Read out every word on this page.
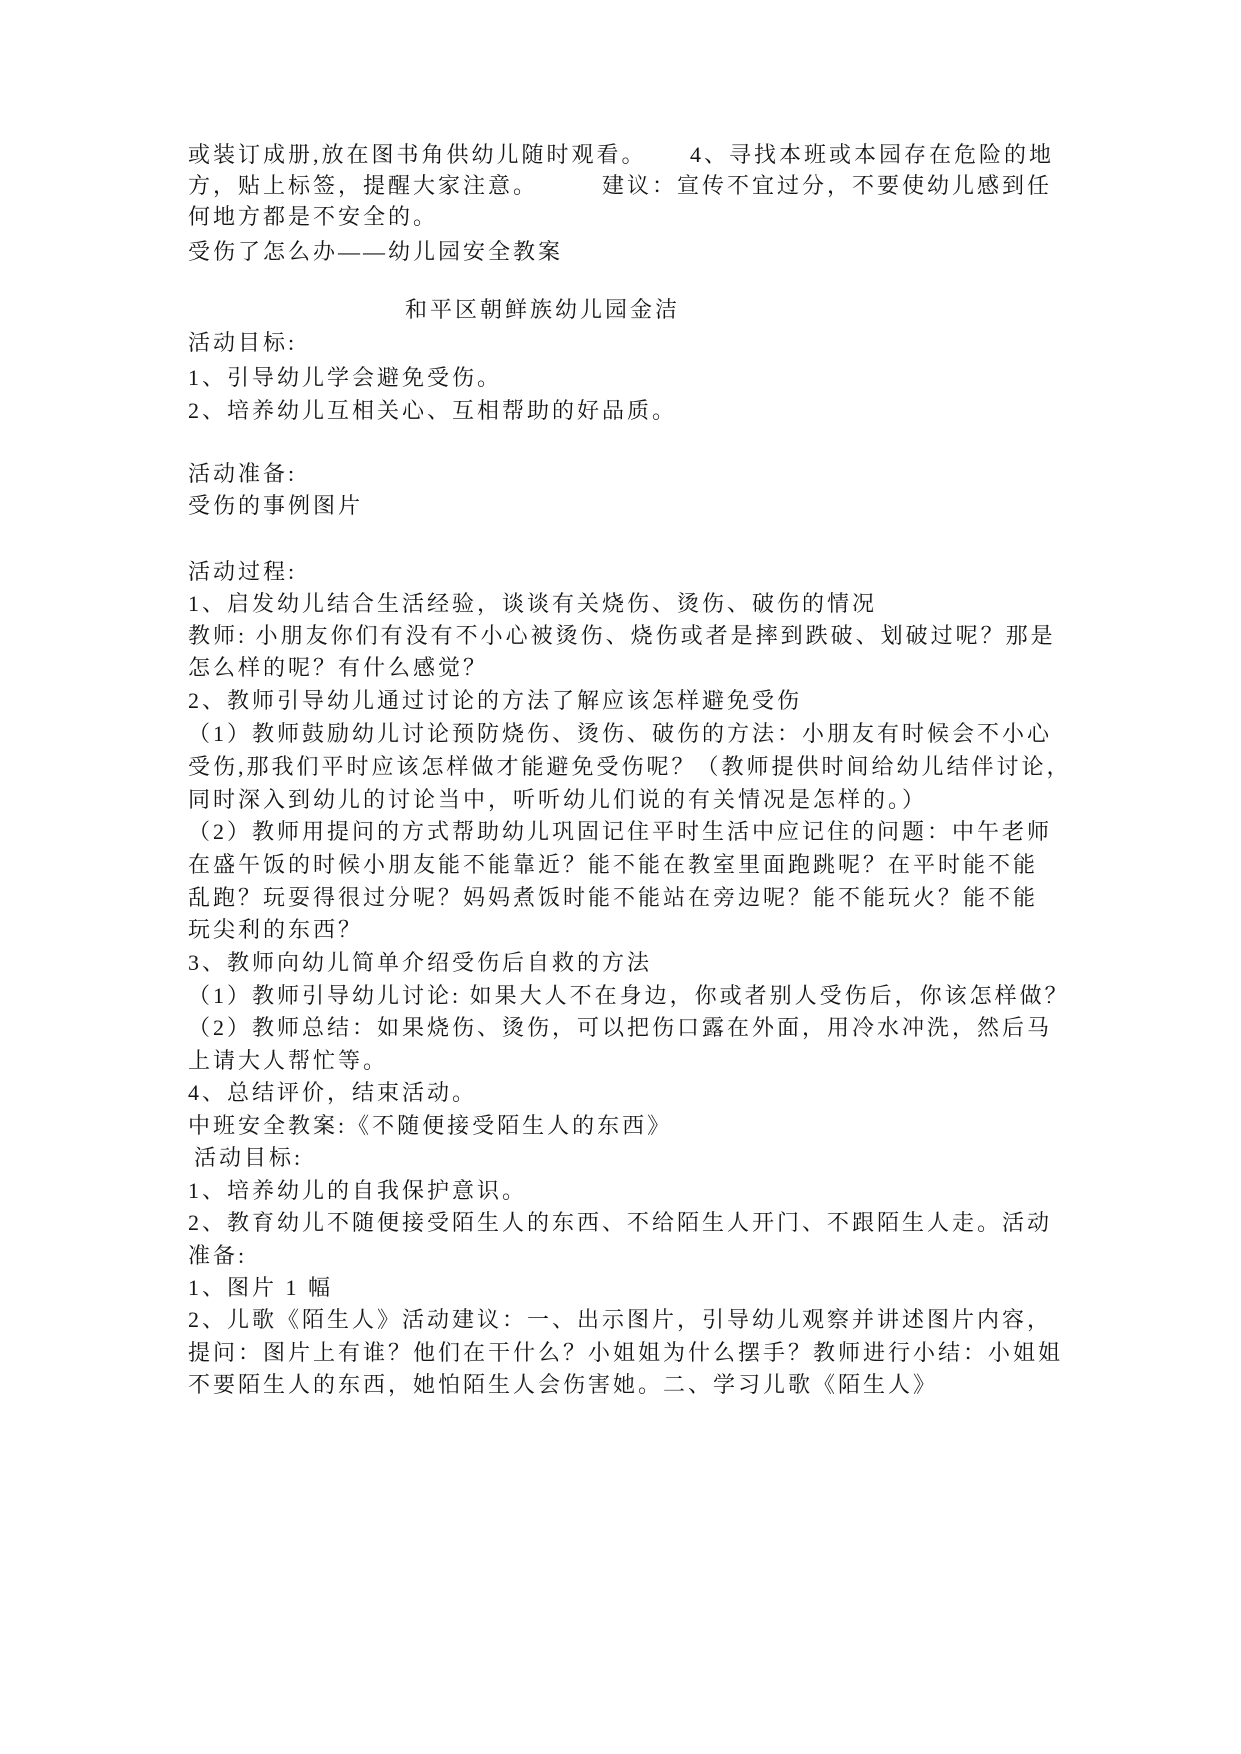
或装订成册,放在图书角供幼儿随时观看。 4、寻找本班或本园存在危险的地
方，贴上标签，提醒大家注意。	建议：宣传不宜过分，不要使幼儿感到任
何地方都是不安全的。
受伤了怎么办——幼儿园安全教案
和平区朝鲜族幼儿园金洁
活动目标:
1、引导幼儿学会避免受伤。
2、培养幼儿互相关心、互相帮助的好品质。
活动准备:
受伤的事例图片
活动过程:
1、启发幼儿结合生活经验，谈谈有关烧伤、烫伤、破伤的情况
教师: 小朋友你们有没有不小心被烫伤、烧伤或者是摔到跌破、划破过呢？那是
怎么样的呢？有什么感觉？
2、教师引导幼儿通过讨论的方法了解应该怎样避免受伤
（1）教师鼓励幼儿讨论预防烧伤、烫伤、破伤的方法：小朋友有时候会不小心
受伤,那我们平时应该怎样做才能避免受伤呢？（教师提供时间给幼儿结伴讨论，
同时深入到幼儿的讨论当中，听听幼儿们说的有关情况是怎样的。）
（2）教师用提问的方式帮助幼儿巩固记住平时生活中应记住的问题：中午老师
在盛午饭的时候小朋友能不能靠近？能不能在教室里面跑跳呢？在平时能不能
乱跑？玩耍得很过分呢？妈妈煮饭时能不能站在旁边呢？能不能玩火？能不能
玩尖利的东西？
3、教师向幼儿简单介绍受伤后自救的方法
（1）教师引导幼儿讨论: 如果大人不在身边，你或者别人受伤后，你该怎样做？
（2）教师总结：如果烧伤、烫伤，可以把伤口露在外面，用冷水冲洗，然后马
上请大人帮忙等。
4、总结评价，结束活动。
中班安全教案:《不随便接受陌生人的东西》
活动目标:
1、培养幼儿的自我保护意识。
2、教育幼儿不随便接受陌生人的东西、不给陌生人开门、不跟陌生人走。活动
准备:
1、图片 1 幅
2、儿歌《陌生人》活动建议：一、出示图片，引导幼儿观察并讲述图片内容，
提问：图片上有谁？他们在干什么？小姐姐为什么摆手？教师进行小结：小姐姐
不要陌生人的东西，她怕陌生人会伤害她。二、学习儿歌《陌生人》
